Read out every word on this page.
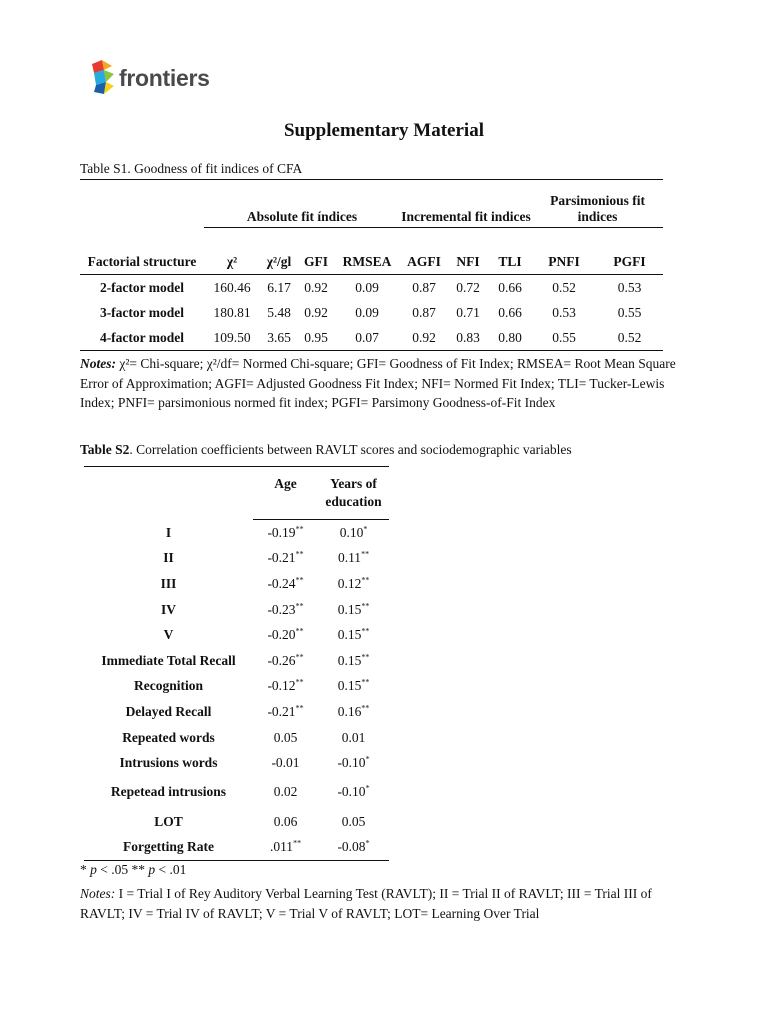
frontiers
Supplementary Material
Table S1. Goodness of fit indices of CFA
	Absolute fit índices				Incremental fit indices			Parsimonious fit indices	
Factorial structure	χ²	χ²/gl	GFI	RMSEA	AGFI	NFI	TLI	PNFI	PGFI
2-factor model	160.46	6.17	0.92	0.09	0.87	0.72	0.66	0.52	0.53
3-factor model	180.81	5.48	0.92	0.09	0.87	0.71	0.66	0.53	0.55
4-factor model	109.50	3.65	0.95	0.07	0.92	0.83	0.80	0.55	0.52
Notes: χ²= Chi-square; χ²/df= Normed Chi-square; GFI= Goodness of Fit Index; RMSEA= Root Mean Square Error of Approximation; AGFI= Adjusted Goodness Fit Index; NFI= Normed Fit Index; TLI= Tucker-Lewis Index; PNFI= parsimonious normed fit index; PGFI= Parsimony Goodness-of-Fit Index
Table S2. Correlation coefficients between RAVLT scores and sociodemographic variables
	Age	Years of education
I	-0.19**	0.10*
II	-0.21**	0.11**
III	-0.24**	0.12**
IV	-0.23**	0.15**
V	-0.20**	0.15**
Immediate Total Recall	-0.26**	0.15**
Recognition	-0.12**	0.15**
Delayed Recall	-0.21**	0.16**
Repeated words	0.05	0.01
Intrusions words	-0.01	-0.10*
Repetead intrusions	0.02	-0.10*
LOT	0.06	0.05
Forgetting Rate	.011**	-0.08*
* p < .05 ** p < .01
Notes: I = Trial I of Rey Auditory Verbal Learning Test (RAVLT); II = Trial II of RAVLT; III = Trial III of RAVLT; IV = Trial IV of RAVLT; V = Trial V of RAVLT; LOT= Learning Over Trial
